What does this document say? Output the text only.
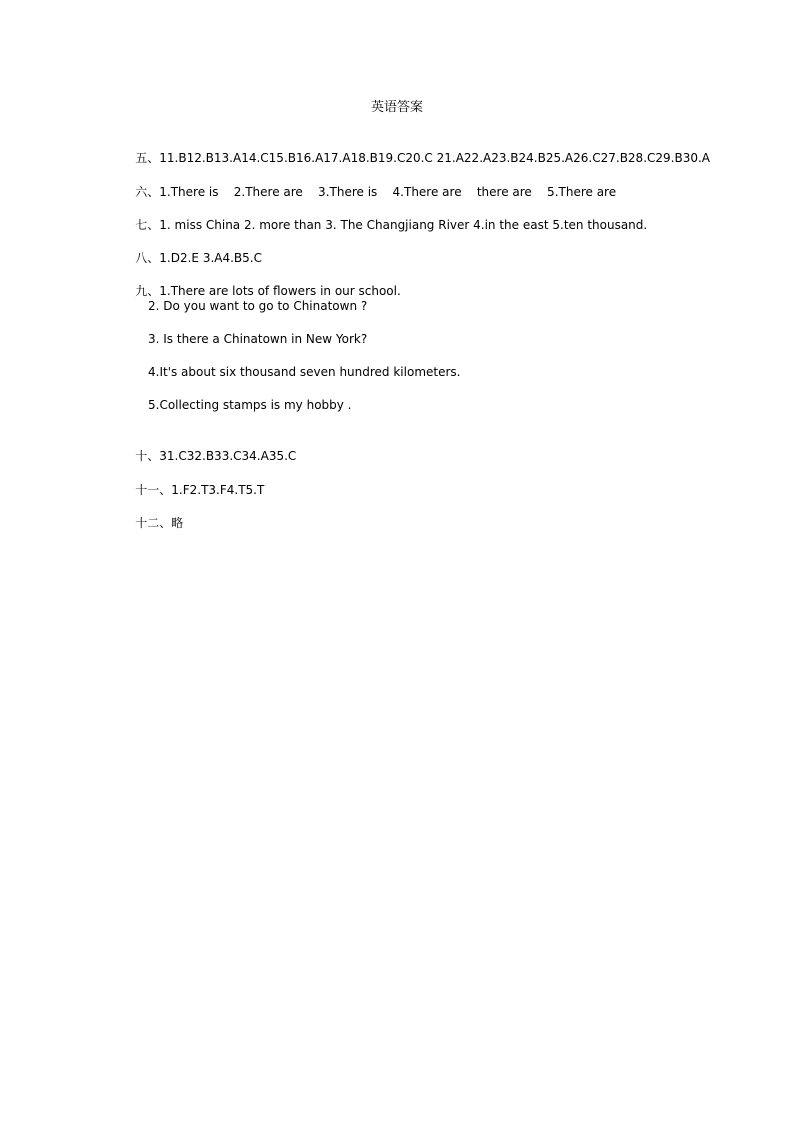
英语答案

五、11.B12.B13.A14.C15.B16.A17.A18.B19.C20.C 21.A22.A23.B24.B25.A26.C27.B28.C29.B30.A

六、1.There is    2.There are    3.There is    4.There are    there are    5.There are

七、1. miss China 2. more than 3. The Changjiang River 4.in the east 5.ten thousand.

八、1.D2.E 3.A4.B5.C

九、1.There are lots of flowers in our school.

2. Do you want to go to Chinatown ?
3. Is there a Chinatown in New York?
4.It's about six thousand seven hundred kilometers.
5.Collecting stamps is my hobby .

十、31.C32.B33.C34.A35.C

十一、1.F2.T3.F4.T5.T

十二、略
